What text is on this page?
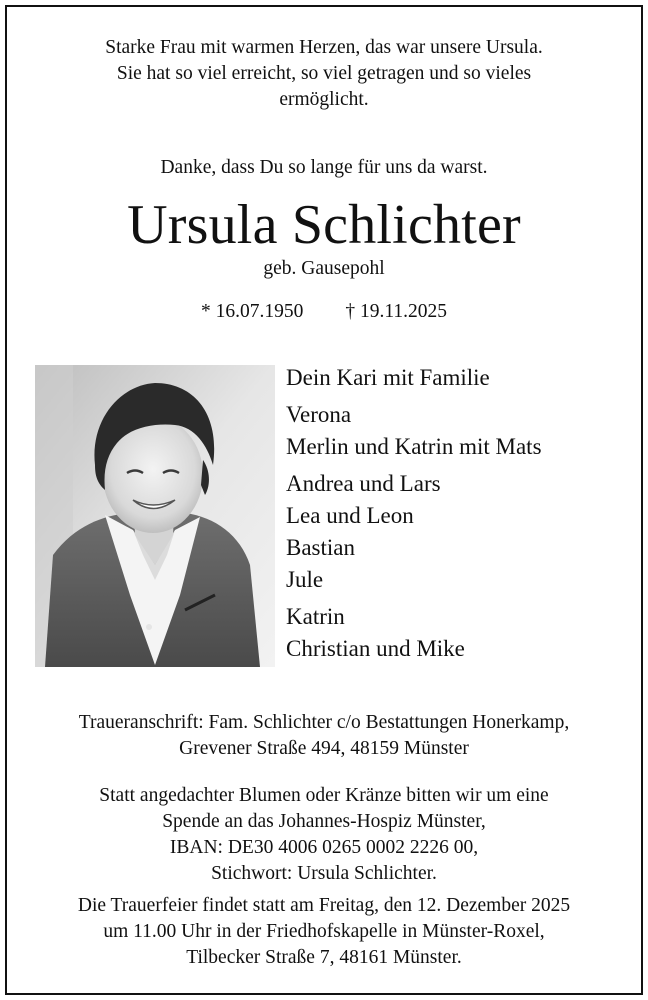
Starke Frau mit warmen Herzen, das war unsere Ursula.
Sie hat so viel erreicht, so viel getragen und so vieles
ermöglicht.
Danke, dass Du so lange für uns da warst.
Ursula Schlichter
geb. Gausepohl
* 16.07.1950 † 19.11.2025
Dein Kari mit Familie
Verona
Merlin und Katrin mit Mats
Andrea und Lars
Lea und Leon
Bastian
Jule
Katrin
Christian und Mike
Traueranschrift: Fam. Schlichter c/o Bestattungen Honerkamp,
Grevener Straße 494, 48159 Münster
Statt angedachter Blumen oder Kränze bitten wir um eine
Spende an das Johannes-Hospiz Münster,
IBAN: DE30 4006 0265 0002 2226 00,
Stichwort: Ursula Schlichter.
Die Trauerfeier findet statt am Freitag, den 12. Dezember 2025
um 11.00 Uhr in der Friedhofskapelle in Münster-Roxel,
Tilbecker Straße 7, 48161 Münster.
